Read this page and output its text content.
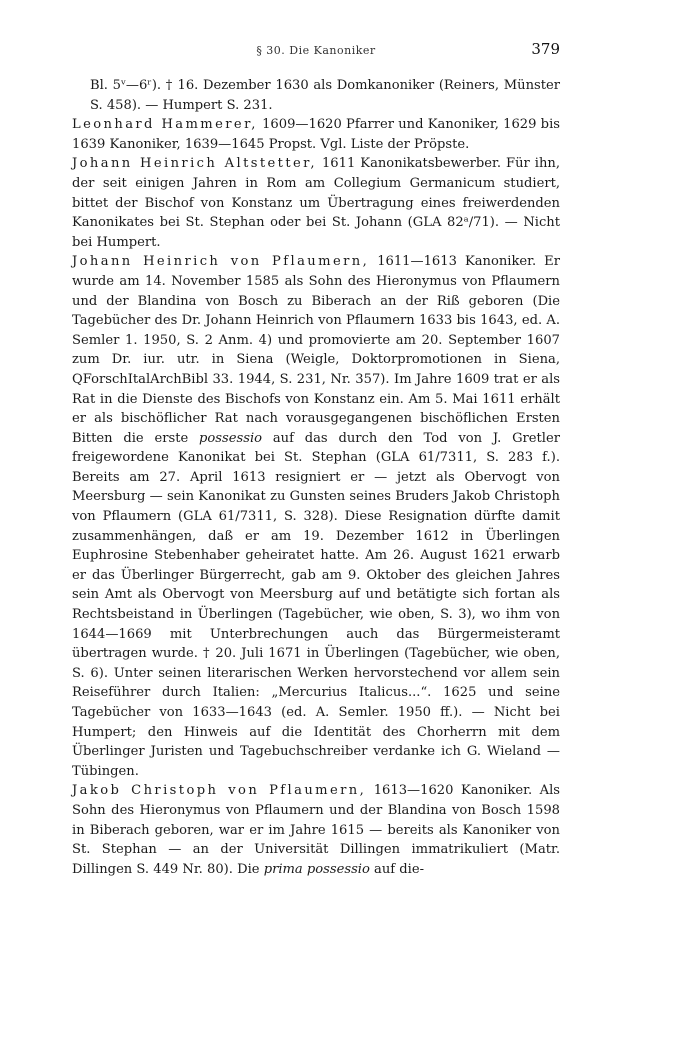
§ 30. Die Kanoniker	379

Bl. 5ᵛ—6ʳ). † 16. Dezember 1630 als Domkanoniker (Reiners, Münster S. 458). — Humpert S. 231.

Leonhard Hammerer, 1609—1620 Pfarrer und Kanoniker, 1629 bis 1639 Kanoniker, 1639—1645 Propst. Vgl. Liste der Pröpste.

Johann Heinrich Altstetter, 1611 Kanonikatsbewerber. Für ihn, der seit einigen Jahren in Rom am Collegium Germanicum studiert, bittet der Bischof von Konstanz um Übertragung eines freiwerdenden Kanonikates bei St. Stephan oder bei St. Johann (GLA 82ᵃ/71). — Nicht bei Humpert.

Johann Heinrich von Pflaumern, 1611—1613 Kanoniker. Er wurde am 14. November 1585 als Sohn des Hieronymus von Pflaumern und der Blandina von Bosch zu Biberach an der Riß geboren (Die Tagebücher des Dr. Johann Heinrich von Pflaumern 1633 bis 1643, ed. A. Semler 1. 1950, S. 2 Anm. 4) und promovierte am 20. September 1607 zum Dr. iur. utr. in Siena (Weigle, Doktorpromotionen in Siena, QForschItalArchBibl 33. 1944, S. 231, Nr. 357). Im Jahre 1609 trat er als Rat in die Dienste des Bischofs von Konstanz ein. Am 5. Mai 1611 erhält er als bischöflicher Rat nach vorausgegangenen bischöflichen Ersten Bitten die erste possessio auf das durch den Tod von J. Gretler freigewordene Kanonikat bei St. Stephan (GLA 61/7311, S. 283 f.). Bereits am 27. April 1613 resigniert er — jetzt als Obervogt von Meersburg — sein Kanonikat zu Gunsten seines Bruders Jakob Christoph von Pflaumern (GLA 61/7311, S. 328). Diese Resignation dürfte damit zusammenhängen, daß er am 19. Dezember 1612 in Überlingen Euphrosine Stebenhaber geheiratet hatte. Am 26. August 1621 erwarb er das Überlinger Bürgerrecht, gab am 9. Oktober des gleichen Jahres sein Amt als Obervogt von Meersburg auf und betätigte sich fortan als Rechtsbeistand in Überlingen (Tagebücher, wie oben, S. 3), wo ihm von 1644—1669 mit Unterbrechungen auch das Bürgermeisteramt übertragen wurde. † 20. Juli 1671 in Überlingen (Tagebücher, wie oben, S. 6). Unter seinen literarischen Werken hervorstechend vor allem sein Reiseführer durch Italien: „Mercurius Italicus...“. 1625 und seine Tagebücher von 1633—1643 (ed. A. Semler. 1950 ff.). — Nicht bei Humpert; den Hinweis auf die Identität des Chorherrn mit dem Überlinger Juristen und Tagebuchschreiber verdanke ich G. Wieland — Tübingen.

Jakob Christoph von Pflaumern, 1613—1620 Kanoniker. Als Sohn des Hieronymus von Pflaumern und der Blandina von Bosch 1598 in Biberach geboren, war er im Jahre 1615 — bereits als Kanoniker von St. Stephan — an der Universität Dillingen immatrikuliert (Matr. Dillingen S. 449 Nr. 80). Die prima possessio auf die-
